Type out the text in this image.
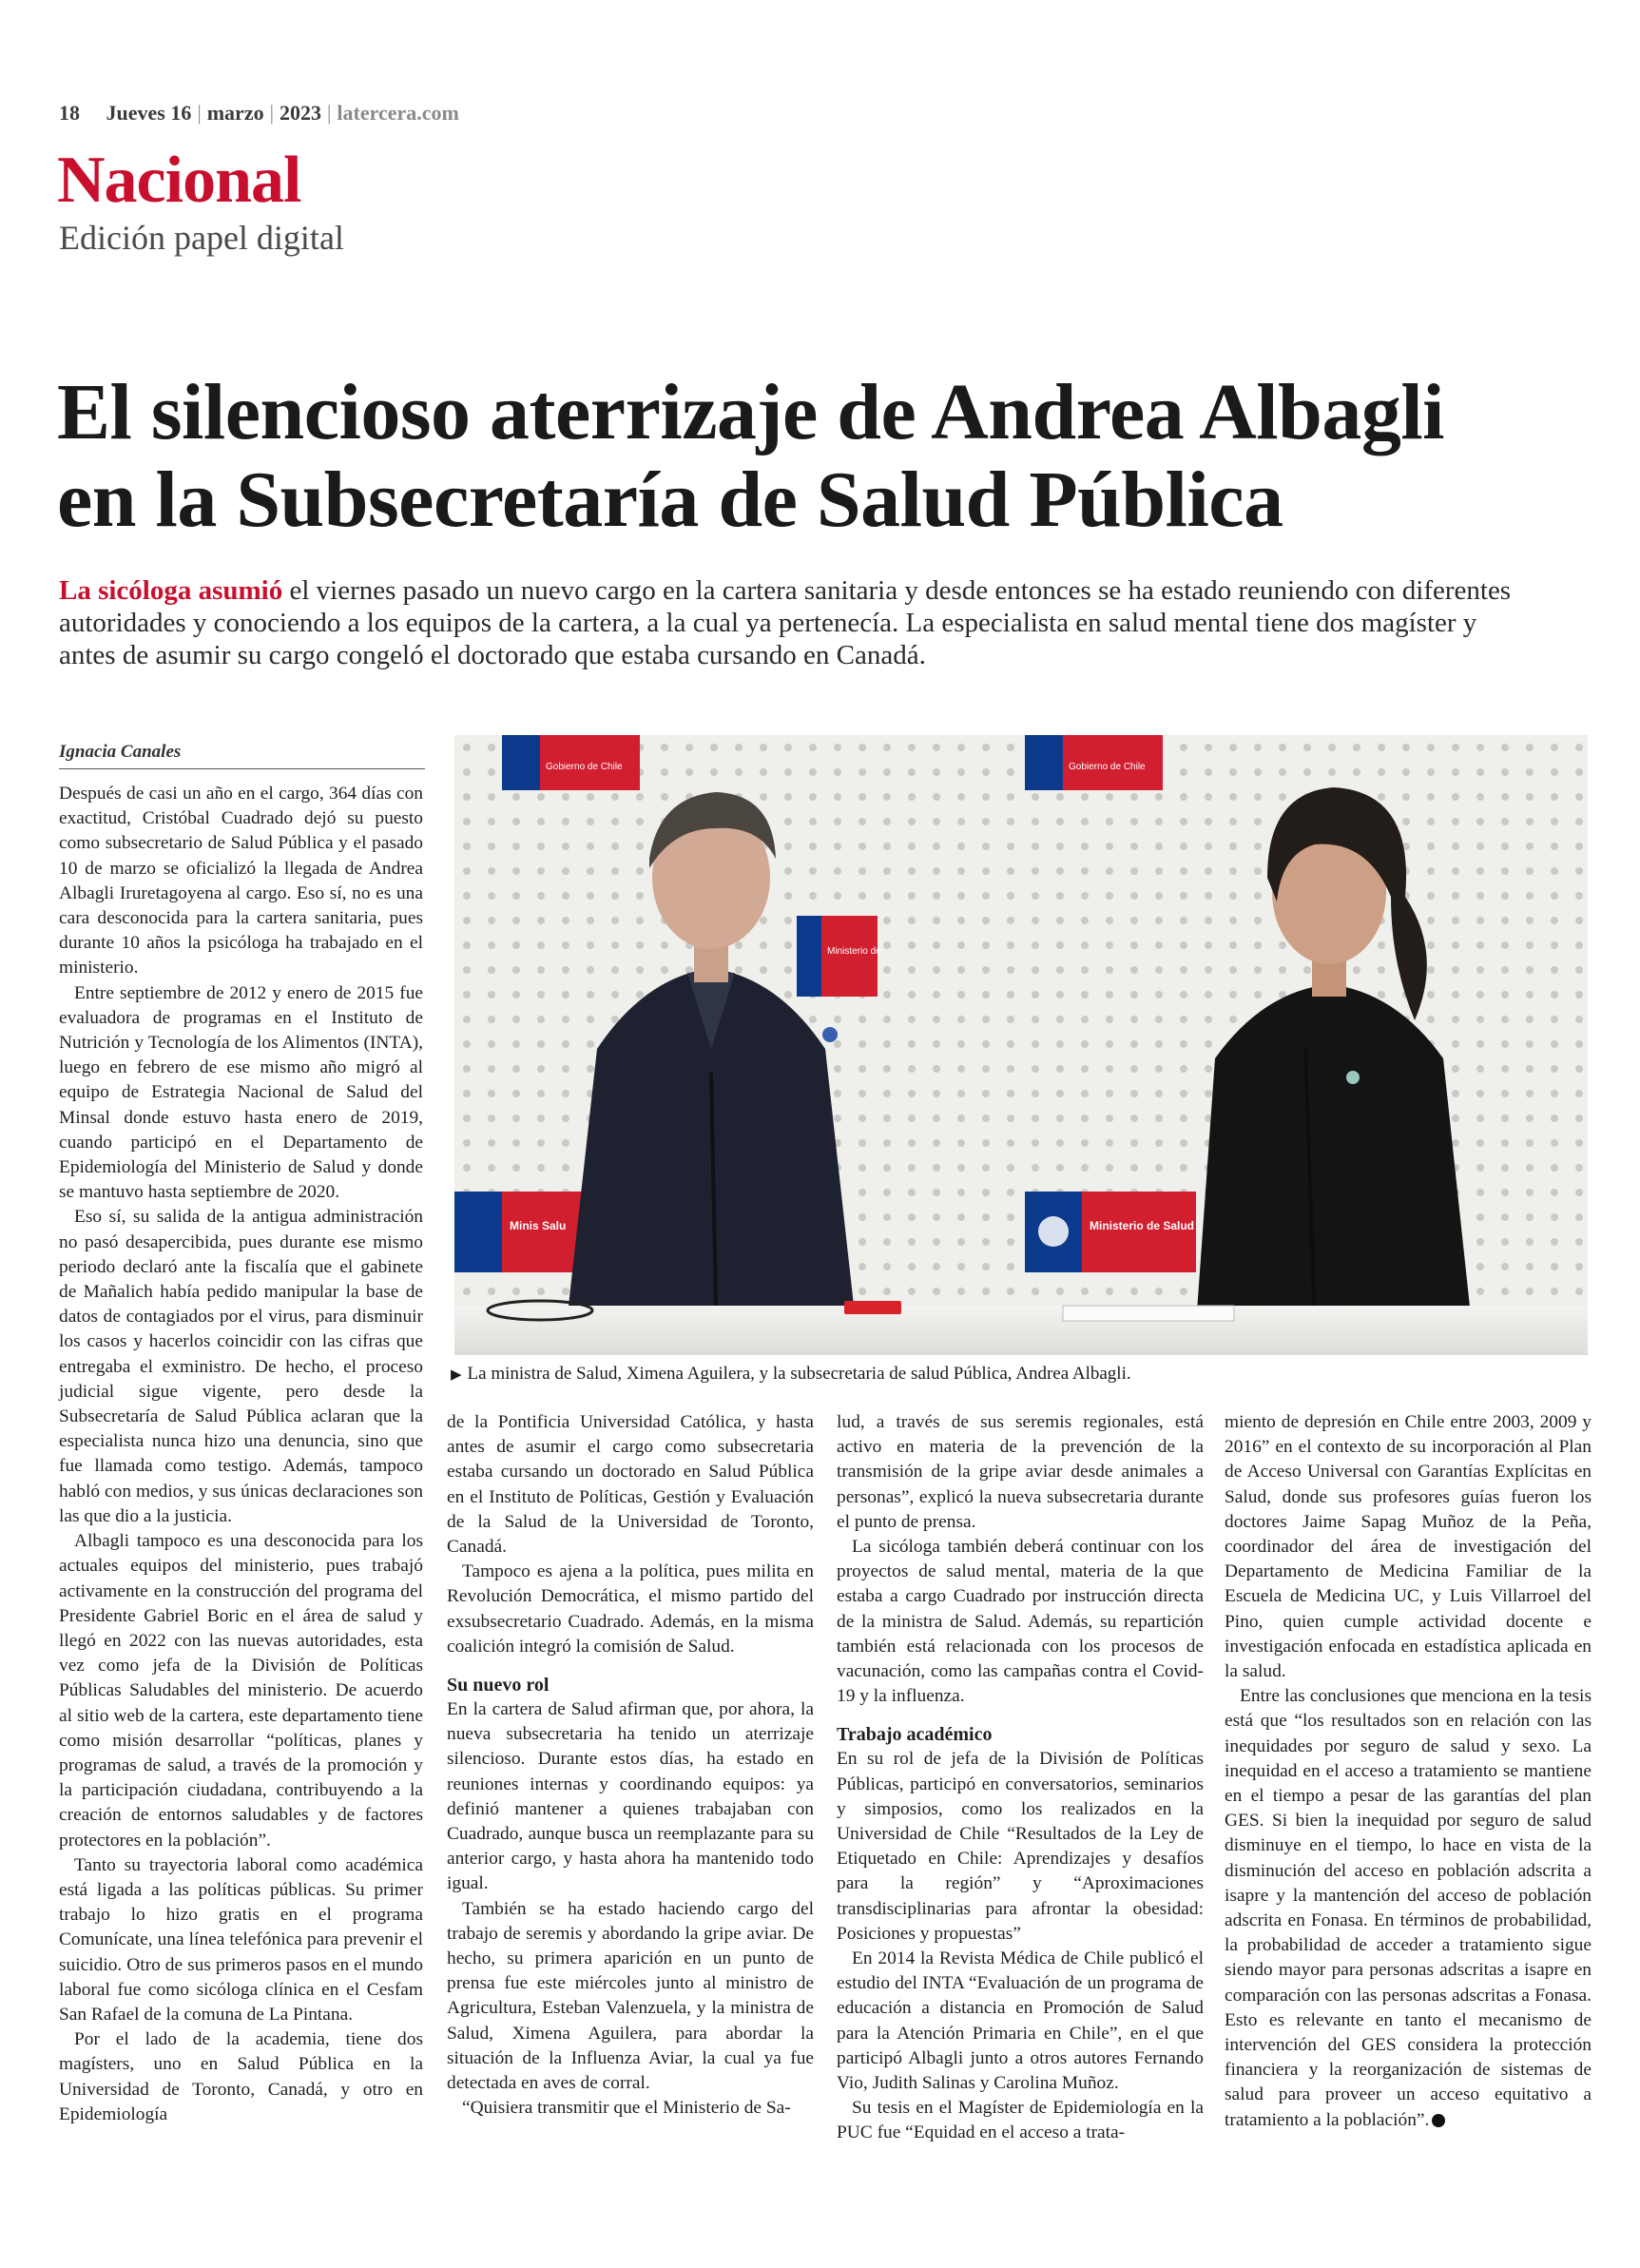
18 Jueves 16 | marzo | 2023 | latercera.com
Nacional
Edición papel digital
El silencioso aterrizaje de Andrea Albagli
en la Subsecretaría de Salud Pública

La sicóloga asumió el viernes pasado un nuevo cargo en la cartera sanitaria y desde entonces se ha estado reuniendo con diferentes autoridades y conociendo a los equipos de la cartera, a la cual ya pertenecía. La especialista en salud mental tiene dos magíster y antes de asumir su cargo congeló el doctorado que estaba cursando en Canadá.

Ignacia Canales
Gobierno de Chile	Gobierno de Chile
Ministerio de
Ministerio de Salud
Minis Salu
▶ La ministra de Salud, Ximena Aguilera, y la subsecretaria de salud Pública, Andrea Albagli.

Después de casi un año en el cargo, 364 días con exactitud, Cristóbal Cuadrado dejó su puesto como subsecretario de Salud Pública y el pasado 10 de marzo se oficializó la llegada de Andrea Albagli Iruretagoyena al cargo. Eso sí, no es una cara desconocida para la cartera sanitaria, pues durante 10 años la psicóloga ha trabajado en el ministerio.

Entre septiembre de 2012 y enero de 2015 fue evaluadora de programas en el Instituto de Nutrición y Tecnología de los Alimentos (INTA), luego en febrero de ese mismo año migró al equipo de Estrategia Nacional de Salud del Minsal donde estuvo hasta enero de 2019, cuando participó en el Departamento de Epidemiología del Ministerio de Salud y donde se mantuvo hasta septiembre de 2020.

Eso sí, su salida de la antigua administración no pasó desapercibida, pues durante ese mismo periodo declaró ante la fiscalía que el gabinete de Mañalich había pedido manipular la base de datos de contagiados por el virus, para disminuir los casos y hacerlos coincidir con las cifras que entregaba el exministro. De hecho, el proceso judicial sigue vigente, pero desde la Subsecretaría de Salud Pública aclaran que la especialista nunca hizo una denuncia, sino que fue llamada como testigo. Además, tampoco habló con medios, y sus únicas declaraciones son las que dio a la justicia.

Albagli tampoco es una desconocida para los actuales equipos del ministerio, pues trabajó activamente en la construcción del programa del Presidente Gabriel Boric en el área de salud y llegó en 2022 con las nuevas autoridades, esta vez como jefa de la División de Políticas Públicas Saludables del ministerio. De acuerdo al sitio web de la cartera, este departamento tiene como misión desarrollar “políticas, planes y programas de salud, a través de la promoción y la participación ciudadana, contribuyendo a la creación de entornos saludables y de factores protectores en la población”.

Tanto su trayectoria laboral como académica está ligada a las políticas públicas. Su primer trabajo lo hizo gratis en el programa Comunícate, una línea telefónica para prevenir el suicidio. Otro de sus primeros pasos en el mundo laboral fue como sicóloga clínica en el Cesfam San Rafael de la comuna de La Pintana.

Por el lado de la academia, tiene dos magísters, uno en Salud Pública en la Universidad de Toronto, Canadá, y otro en Epidemiología

de la Pontificia Universidad Católica, y hasta antes de asumir el cargo como subsecretaria estaba cursando un doctorado en Salud Pública en el Instituto de Políticas, Gestión y Evaluación de la Salud de la Universidad de Toronto, Canadá.

Tampoco es ajena a la política, pues milita en Revolución Democrática, el mismo partido del exsubsecretario Cuadrado. Además, en la misma coalición integró la comisión de Salud.

Su nuevo rol

En la cartera de Salud afirman que, por ahora, la nueva subsecretaria ha tenido un aterrizaje silencioso. Durante estos días, ha estado en reuniones internas y coordinando equipos: ya definió mantener a quienes trabajaban con Cuadrado, aunque busca un reemplazante para su anterior cargo, y hasta ahora ha mantenido todo igual.

También se ha estado haciendo cargo del trabajo de seremis y abordando la gripe aviar. De hecho, su primera aparición en un punto de prensa fue este miércoles junto al ministro de Agricultura, Esteban Valenzuela, y la ministra de Salud, Ximena Aguilera, para abordar la situación de la Influenza Aviar, la cual ya fue detectada en aves de corral.

“Quisiera transmitir que el Ministerio de Sa-

lud, a través de sus seremis regionales, está activo en materia de la prevención de la transmisión de la gripe aviar desde animales a personas”, explicó la nueva subsecretaria durante el punto de prensa.

La sicóloga también deberá continuar con los proyectos de salud mental, materia de la que estaba a cargo Cuadrado por instrucción directa de la ministra de Salud. Además, su repartición también está relacionada con los procesos de vacunación, como las campañas contra el Covid-19 y la influenza.

Trabajo académico

En su rol de jefa de la División de Políticas Públicas, participó en conversatorios, seminarios y simposios, como los realizados en la Universidad de Chile “Resultados de la Ley de Etiquetado en Chile: Aprendizajes y desafíos para la región” y “Aproximaciones transdisciplinarias para afrontar la obesidad: Posiciones y propuestas”

En 2014 la Revista Médica de Chile publicó el estudio del INTA “Evaluación de un programa de educación a distancia en Promoción de Salud para la Atención Primaria en Chile”, en el que participó Albagli junto a otros autores Fernando Vio, Judith Salinas y Carolina Muñoz.

Su tesis en el Magíster de Epidemiología en la PUC fue “Equidad en el acceso a trata-

miento de depresión en Chile entre 2003, 2009 y 2016” en el contexto de su incorporación al Plan de Acceso Universal con Garantías Explícitas en Salud, donde sus profesores guías fueron los doctores Jaime Sapag Muñoz de la Peña, coordinador del área de investigación del Departamento de Medicina Familiar de la Escuela de Medicina UC, y Luis Villarroel del Pino, quien cumple actividad docente e investigación enfocada en estadística aplicada en la salud.

Entre las conclusiones que menciona en la tesis está que “los resultados son en relación con las inequidades por seguro de salud y sexo. La inequidad en el acceso a tratamiento se mantiene en el tiempo a pesar de las garantías del plan GES. Si bien la inequidad por seguro de salud disminuye en el tiempo, lo hace en vista de la disminución del acceso en población adscrita a isapre y la mantención del acceso de población adscrita en Fonasa. En términos de probabilidad, la probabilidad de acceder a tratamiento sigue siendo mayor para personas adscritas a isapre en comparación con las personas adscritas a Fonasa. Esto es relevante en tanto el mecanismo de intervención del GES considera la protección financiera y la reorganización de sistemas de salud para proveer un acceso equitativo a tratamiento a la población”.
